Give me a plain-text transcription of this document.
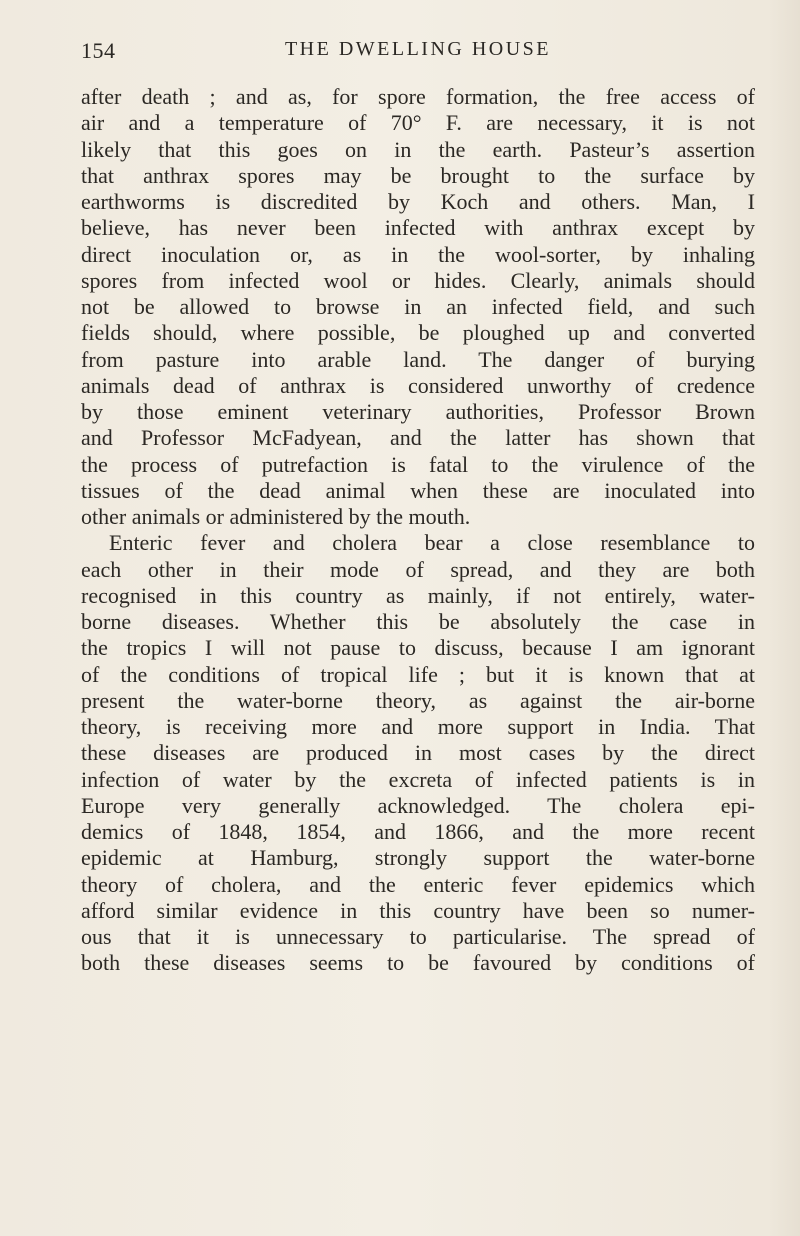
154	THE DWELLING HOUSE
after death ; and as, for spore formation, the free access of
air and a temperature of 70° F. are necessary, it is not
likely that this goes on in the earth. Pasteur’s assertion
that anthrax spores may be brought to the surface by
earthworms is discredited by Koch and others. Man, I
believe, has never been infected with anthrax except by
direct inoculation or, as in the wool-sorter, by inhaling
spores from infected wool or hides. Clearly, animals should
not be allowed to browse in an infected field, and such
fields should, where possible, be ploughed up and converted
from pasture into arable land. The danger of burying
animals dead of anthrax is considered unworthy of credence
by those eminent veterinary authorities, Professor Brown
and Professor McFadyean, and the latter has shown that
the process of putrefaction is fatal to the virulence of the
tissues of the dead animal when these are inoculated into
other animals or administered by the mouth.
Enteric fever and cholera bear a close resemblance to
each other in their mode of spread, and they are both
recognised in this country as mainly, if not entirely, water-
borne diseases. Whether this be absolutely the case in
the tropics I will not pause to discuss, because I am ignorant
of the conditions of tropical life ; but it is known that at
present the water-borne theory, as against the air-borne
theory, is receiving more and more support in India. That
these diseases are produced in most cases by the direct
infection of water by the excreta of infected patients is in
Europe very generally acknowledged. The cholera epi-
demics of 1848, 1854, and 1866, and the more recent
epidemic at Hamburg, strongly support the water-borne
theory of cholera, and the enteric fever epidemics which
afford similar evidence in this country have been so numer-
ous that it is unnecessary to particularise. The spread of
both these diseases seems to be favoured by conditions of
